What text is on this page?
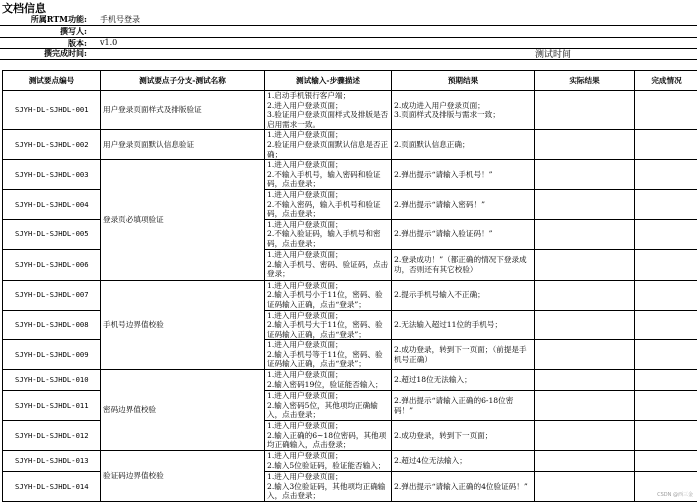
文档信息
所属RTM功能: 手机号登录
撰写人:
版本: v1.0
撰完成时间:	测试时间
测试要点编号	测试要点子分支-测试名称	测试输入-步骤描述	预期结果	实际结果	完成情况
SJYH-DL-SJHDL-001	用户登录页面样式及排版验证	1.启动手机银行客户端；
2.进入用户登录页面；
3.验证用户登录页面样式及排版是否启用需求一致。	2.成功进入用户登录页面；
3.页面样式及排版与需求一致；		
SJYH-DL-SJHDL-002	用户登录页面默认信息验证	1.进入用户登录页面；
2.验证用户登录页面默认信息是否正确；	2.页面默认信息正确；		
SJYH-DL-SJHDL-003	登录页必填项验证	1.进入用户登录页面；
2.不输入手机号，输入密码和验证码，点击登录；	2.弹出提示“请输入手机号！”		
SJYH-DL-SJHDL-004		1.进入用户登录页面；
2.不输入密码，输入手机号和验证码，点击登录；	2.弹出提示“请输入密码！”		
SJYH-DL-SJHDL-005		1.进入用户登录页面；
2.不输入验证码，输入手机号和密码，点击登录；	2.弹出提示“请输入验证码！”		
SJYH-DL-SJHDL-006		1.进入用户登录页面；
2.输入手机号、密码、验证码，点击登录；	2.登录成功！”（都正确的情况下登录成功，否则还有其它校验）		
SJYH-DL-SJHDL-007	手机号边界值校验	1.进入用户登录页面；
2.输入手机号小于11位，密码、验证码输入正确，点击“登录”；	2.提示手机号输入不正确；		
SJYH-DL-SJHDL-008		1.进入用户登录页面；
2.输入手机号大于11位，密码、验证码输入正确，点击“登录”；	2.无法输入超过11位的手机号；		
SJYH-DL-SJHDL-009		1.进入用户登录页面；
2.输入手机号等于11位，密码、验证码输入正确，点击“登录”；	2.成功登录，转到下一页面；（前提是手机号正确）		
SJYH-DL-SJHDL-010	密码边界值校验	1.进入用户登录页面；
2.输入密码19位，验证能否输入；	2.超过18位无法输入；		
SJYH-DL-SJHDL-011		1.进入用户登录页面；
2.输入密码5位，其他项均正确输入，点击登录；	2.弹出提示“请输入正确的6-18位密码！”		
SJYH-DL-SJHDL-012		1.进入用户登录页面；
2.输入正确的6~18位密码，其他项均正确输入，点击登录；	2.成功登录，转到下一页面；		
SJYH-DL-SJHDL-013	验证码边界值校验	1.进入用户登录页面；
2.输入5位验证码，验证能否输入；	2.超过4位无法输入；		
SJYH-DL-SJHDL-014		1.进入用户登录页面；
2.输入3位验证码，其他项均正确输入，点击登录；	2.弹出提示“请输入正确的4位验证码！”		
CSDN @西三金
